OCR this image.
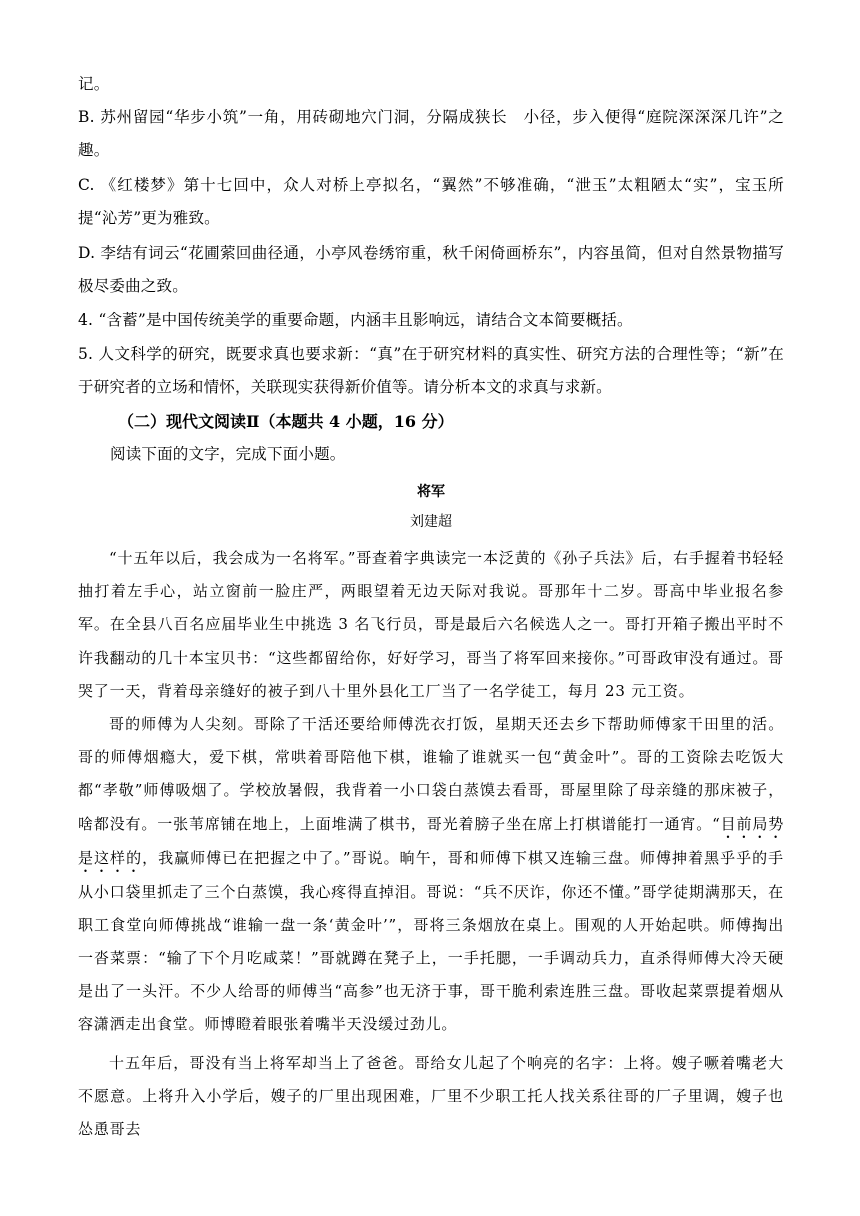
记。

B. 苏州留园“华步小筑”一角，用砖砌地穴门洞，分隔成狭长　小径，步入便得“庭院深深深几许”之趣。

C. 《红楼梦》第十七回中，众人对桥上亭拟名，“翼然”不够准确，“泄玉”太粗陋太“实”，宝玉所提“沁芳”更为雅致。

D. 李结有词云“花圃萦回曲径通，小亭风卷绣帘重，秋千闲倚画桥东”，内容虽简，但对自然景物描写极尽委曲之致。

4. “含蓄”是中国传统美学的重要命题，内涵丰且影响远，请结合文本简要概括。

5. 人文科学的研究，既要求真也要求新：“真”在于研究材料的真实性、研究方法的合理性等；“新”在于研究者的立场和情怀，关联现实获得新价值等。请分析本文的求真与求新。

（二）现代文阅读Ⅱ（本题共 4 小题，16 分）

阅读下面的文字，完成下面小题。

将军

刘建超

“十五年以后，我会成为一名将军。”哥查着字典读完一本泛黄的《孙子兵法》后，右手握着书轻轻抽打着左手心，站立窗前一脸庄严，两眼望着无边天际对我说。哥那年十二岁。哥高中毕业报名参军。在全县八百名应届毕业生中挑选 3 名飞行员，哥是最后六名候选人之一。哥打开箱子搬出平时不许我翻动的几十本宝贝书：“这些都留给你，好好学习，哥当了将军回来接你。”可哥政审没有通过。哥哭了一天，背着母亲缝好的被子到八十里外县化工厂当了一名学徒工，每月 23 元工资。

哥的师傅为人尖刻。哥除了干活还要给师傅洗衣打饭，星期天还去乡下帮助师傅家干田里的活。哥的师傅烟瘾大，爱下棋，常哄着哥陪他下棋，谁输了谁就买一包“黄金叶”。哥的工资除去吃饭大都“孝敬”师傅吸烟了。学校放暑假，我背着一小口袋白蒸馍去看哥，哥屋里除了母亲缝的那床被子，啥都没有。一张苇席铺在地上，上面堆满了棋书，哥光着膀子坐在席上打棋谱能打一通宵。“目前局势是这样的，我赢师傅已在把握之中了。”哥说。晌午，哥和师傅下棋又连输三盘。师傅抻着黑乎乎的手从小口袋里抓走了三个白蒸馍，我心疼得直掉泪。哥说：“兵不厌诈，你还不懂。”哥学徒期满那天，在职工食堂向师傅挑战“谁输一盘一条‘黄金叶’”，哥将三条烟放在桌上。围观的人开始起哄。师傅掏出一沓菜票：“输了下个月吃咸菜！”哥就蹲在凳子上，一手托腮，一手调动兵力，直杀得师傅大冷天硬是出了一头汗。不少人给哥的师傅当“高参”也无济于事，哥干脆利索连胜三盘。哥收起菜票提着烟从容潇洒走出食堂。师博瞪着眼张着嘴半天没缓过劲儿。

十五年后，哥没有当上将军却当上了爸爸。哥给女儿起了个响亮的名字：上将。嫂子噘着嘴老大不愿意。上将升入小学后，嫂子的厂里出现困难，厂里不少职工托人找关系往哥的厂子里调，嫂子也怂恿哥去
